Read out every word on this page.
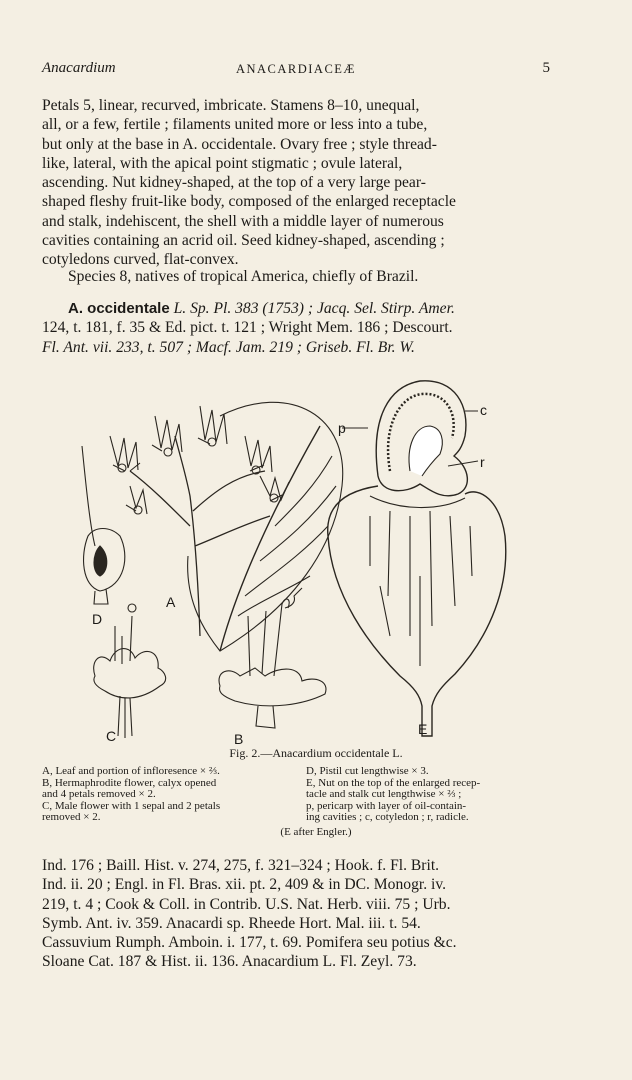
Anacardium	ANACARDIACEÆ	5
Petals 5, linear, recurved, imbricate. Stamens 8–10, unequal,
all, or a few, fertile ; filaments united more or less into a tube,
but only at the base in A. occidentale. Ovary free ; style thread-
like, lateral, with the apical point stigmatic ; ovule lateral,
ascending. Nut kidney-shaped, at the top of a very large pear-
shaped fleshy fruit-like body, composed of the enlarged receptacle
and stalk, indehiscent, the shell with a middle layer of numerous
cavities containing an acrid oil. Seed kidney-shaped, ascending ;
cotyledons curved, flat-convex.
Species 8, natives of tropical America, chiefly of Brazil.
A. occidentale L. Sp. Pl. 383 (1753) ; Jacq. Sel. Stirp. Amer.
124, t. 181, f. 35 & Ed. pict. t. 121 ; Wright Mem. 186 ; Descourt.
Fl. Ant. vii. 233, t. 507 ; Macf. Jam. 219 ; Griseb. Fl. Br. W.
A
B
C
D
E
p
c
r
Fig. 2.—Anacardium occidentale L.
A, Leaf and portion of infloresence × ⅔.
B, Hermaphrodite flower, calyx opened
and 4 petals removed × 2.
C, Male flower with 1 sepal and 2 petals
removed × 2.
D, Pistil cut lengthwise × 3.
E, Nut on the top of the enlarged recep-
tacle and stalk cut lengthwise × ⅔ ;
p, pericarp with layer of oil-contain-
ing cavities ; c, cotyledon ; r, radicle.
(E after Engler.)
Ind. 176 ; Baill. Hist. v. 274, 275, f. 321–324 ; Hook. f. Fl. Brit.
Ind. ii. 20 ; Engl. in Fl. Bras. xii. pt. 2, 409 & in DC. Monogr. iv.
219, t. 4 ; Cook & Coll. in Contrib. U.S. Nat. Herb. viii. 75 ; Urb.
Symb. Ant. iv. 359. Anacardi sp. Rheede Hort. Mal. iii. t. 54.
Cassuvium Rumph. Amboin. i. 177, t. 69. Pomifera seu potius &c.
Sloane Cat. 187 & Hist. ii. 136. Anacardium L. Fl. Zeyl. 73.
